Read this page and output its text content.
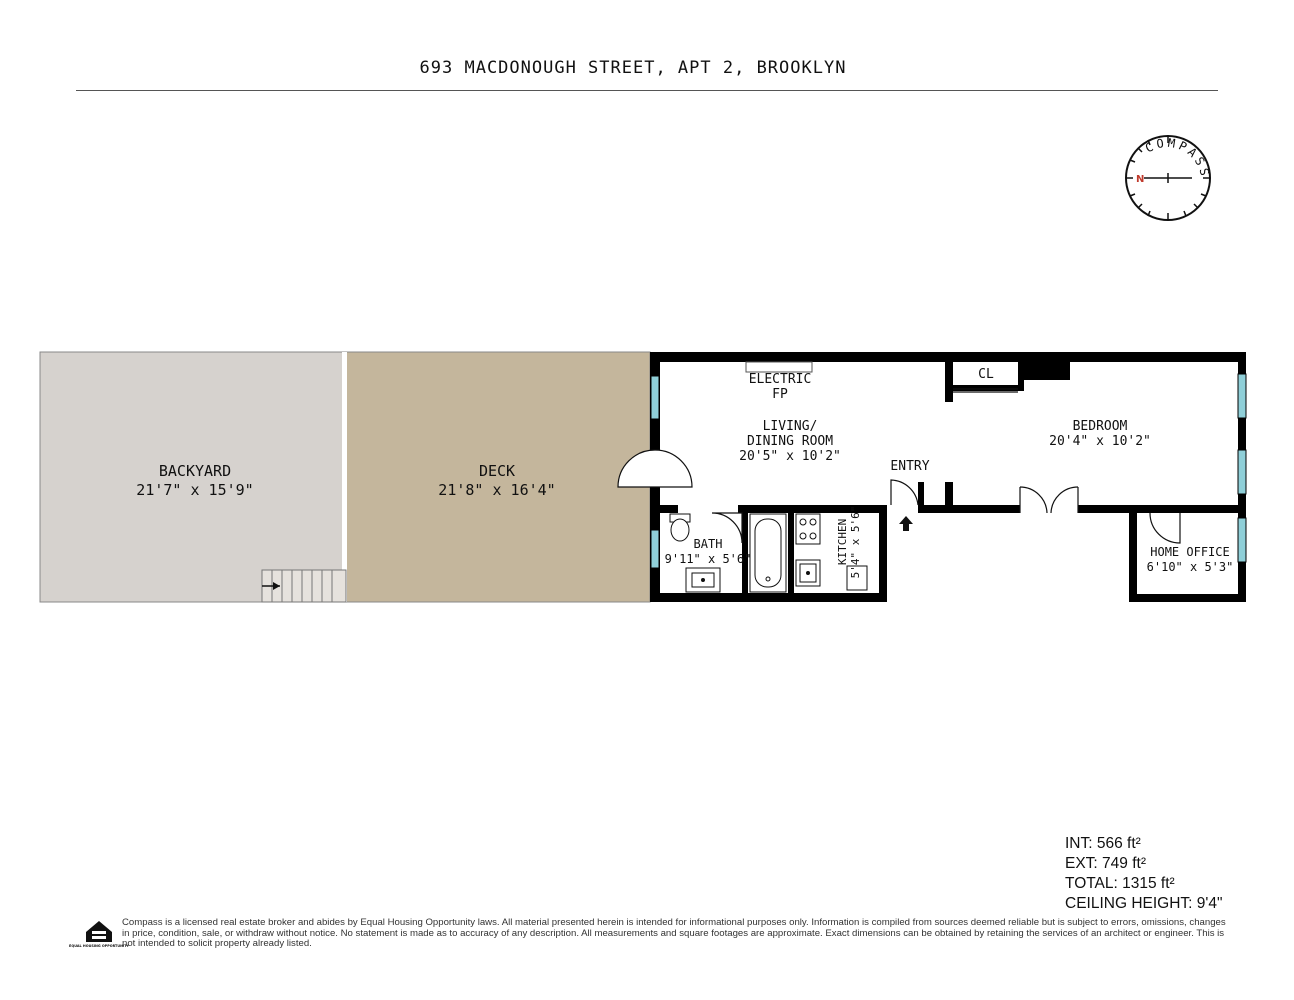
693 MACDONOUGH STREET, APT 2, BROOKLYN
COMPASS
N
KITCHEN 5'4" x 5'6"
BACKYARD
21'7" x 15'9"
DECK
21'8" x 16'4"
ELECTRIC
FP
LIVING/
DINING ROOM
20'5" x 10'2"
BEDROOM
20'4" x 10'2"
CL
ENTRY
BATH
9'11" x 5'6"	HOME OFFICE
6'10" x 5'3"
INT: 566 ft²
EXT: 749 ft²
TOTAL: 1315 ft²
CEILING HEIGHT: 9'4"
EQUAL HOUSING OPPORTUNITY
Compass is a licensed real estate broker and abides by Equal Housing Opportunity laws. All material presented herein is intended for informational purposes only. Information is compiled from sources deemed reliable but is subject to errors, omissions, changes in price, condition, sale, or withdraw without notice. No statement is made as to accuracy of any description. All measurements and square footages are approximate. Exact dimensions can be obtained by retaining the services of an architect or engineer. This is not intended to solicit property already listed.
